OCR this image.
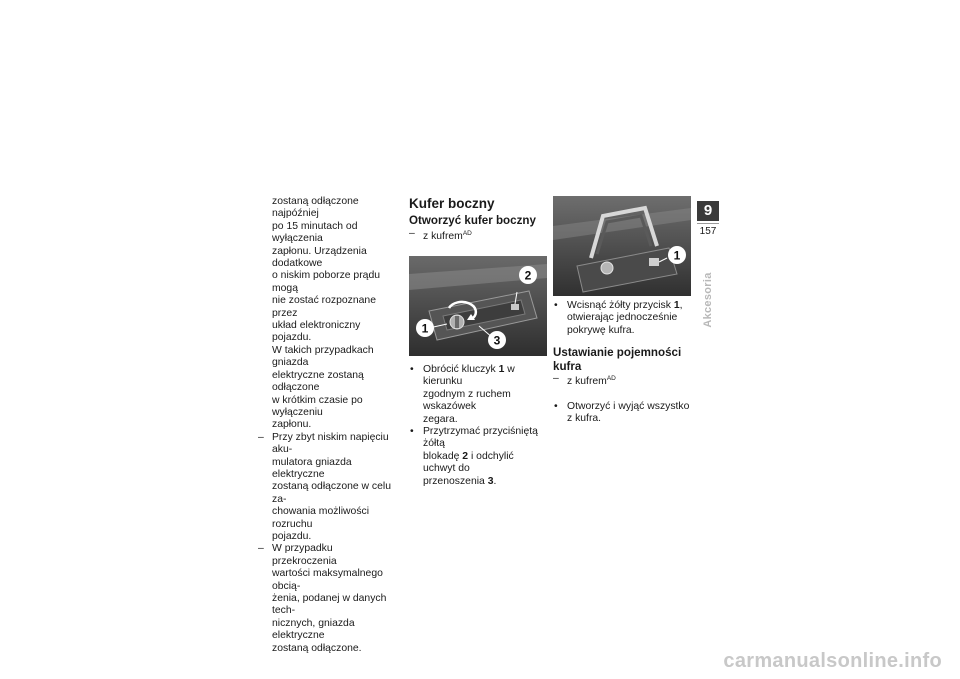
zostaną odłączone najpóźniej
po 15 minutach od wyłączenia
zapłonu. Urządzenia dodatkowe
o niskim poborze prądu mogą
nie zostać rozpoznane przez
układ elektroniczny pojazdu.
W takich przypadkach gniazda
elektryczne zostaną odłączone
w krótkim czasie po wyłączeniu
zapłonu.
– Przy zbyt niskim napięciu aku-
mulatora gniazda elektryczne
zostaną odłączone w celu za-
chowania możliwości rozruchu
pojazdu.
– W przypadku przekroczenia
wartości maksymalnego obcią-
żenia, podanej w danych tech-
nicznych, gniazda elektryczne
zostaną odłączone.
Kufer boczny
Otworzyć kufer boczny
– z kufrem$^{AD}$
2
1
3
• Obrócić kluczyk 1 w kierunku
zgodnym z ruchem wskazówek
zegara.
• Przytrzymać przyciśniętą żółtą
blokadę 2 i odchylić uchwyt do
przenoszenia 3.
1
• Wcisnąć żółty przycisk 1,
otwierając jednocześnie
pokrywę kufra.
Ustawianie pojemności
kufra
– z kufrem$^{AD}$
• Otworzyć i wyjąć wszystko
z kufra.
9
157
Akcesoria
carmanualsonline.info
